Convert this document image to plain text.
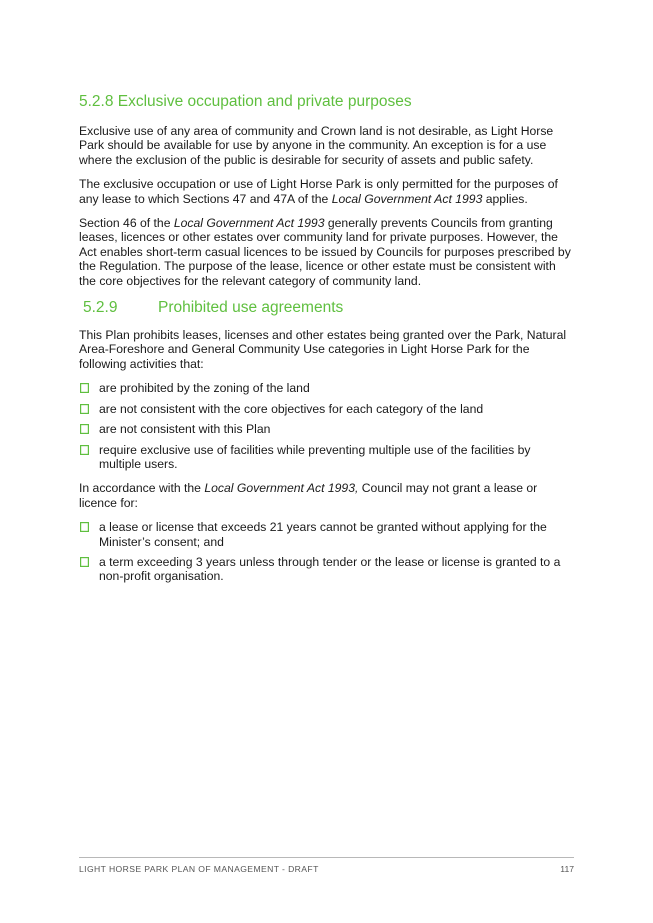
5.2.8 Exclusive occupation and private purposes

Exclusive use of any area of community and Crown land is not desirable, as Light Horse Park should be available for use by anyone in the community. An exception is for a use where the exclusion of the public is desirable for security of assets and public safety.

The exclusive occupation or use of Light Horse Park is only permitted for the purposes of any lease to which Sections 47 and 47A of the Local Government Act 1993 applies.

Section 46 of the Local Government Act 1993 generally prevents Councils from granting leases, licences or other estates over community land for private purposes. However, the Act enables short-term casual licences to be issued by Councils for purposes prescribed by the Regulation. The purpose of the lease, licence or other estate must be consistent with the core objectives for the relevant category of community land.

5.2.9	Prohibited use agreements

This Plan prohibits leases, licenses and other estates being granted over the Park, Natural Area-Foreshore and General Community Use categories in Light Horse Park for the following activities that:

are prohibited by the zoning of the land
are not consistent with the core objectives for each category of the land
are not consistent with this Plan
require exclusive use of facilities while preventing multiple use of the facilities by multiple users.

In accordance with the Local Government Act 1993, Council may not grant a lease or licence for:

a lease or license that exceeds 21 years cannot be granted without applying for the Minister’s consent; and
a term exceeding 3 years unless through tender or the lease or license is granted to a non-profit organisation.
LIGHT HORSE PARK PLAN OF MANAGEMENT - DRAFT	117
